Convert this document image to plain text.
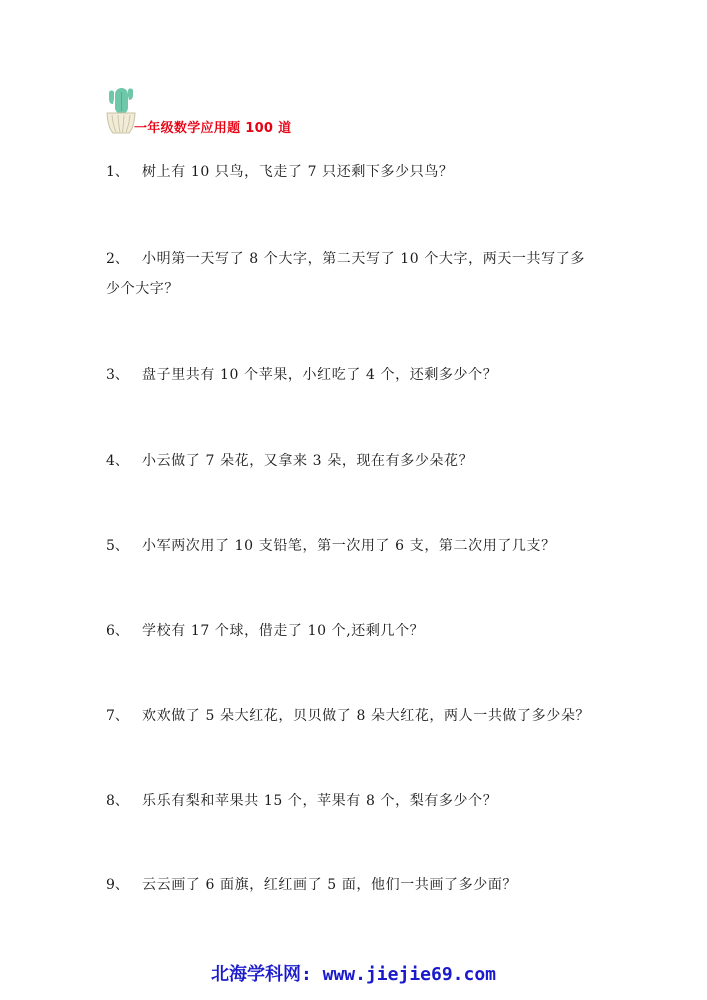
一年级数学应用题 100 道
1、 树上有 10 只鸟，飞走了 7 只还剩下多少只鸟？
2、 小明第一天写了 8 个大字，第二天写了 10 个大字，两天一共写了多少个大字？
3、 盘子里共有 10 个苹果，小红吃了 4 个，还剩多少个？
4、 小云做了 7 朵花，又拿来 3 朵，现在有多少朵花？
5、 小军两次用了 10 支铅笔，第一次用了 6 支，第二次用了几支？
6、 学校有 17 个球，借走了 10 个,还剩几个？
7、 欢欢做了 5 朵大红花，贝贝做了 8 朵大红花，两人一共做了多少朵？
8、 乐乐有梨和苹果共 15 个，苹果有 8 个，梨有多少个？
9、 云云画了 6 面旗，红红画了 5 面，他们一共画了多少面？
北海学科网: www.jiejie69.com
